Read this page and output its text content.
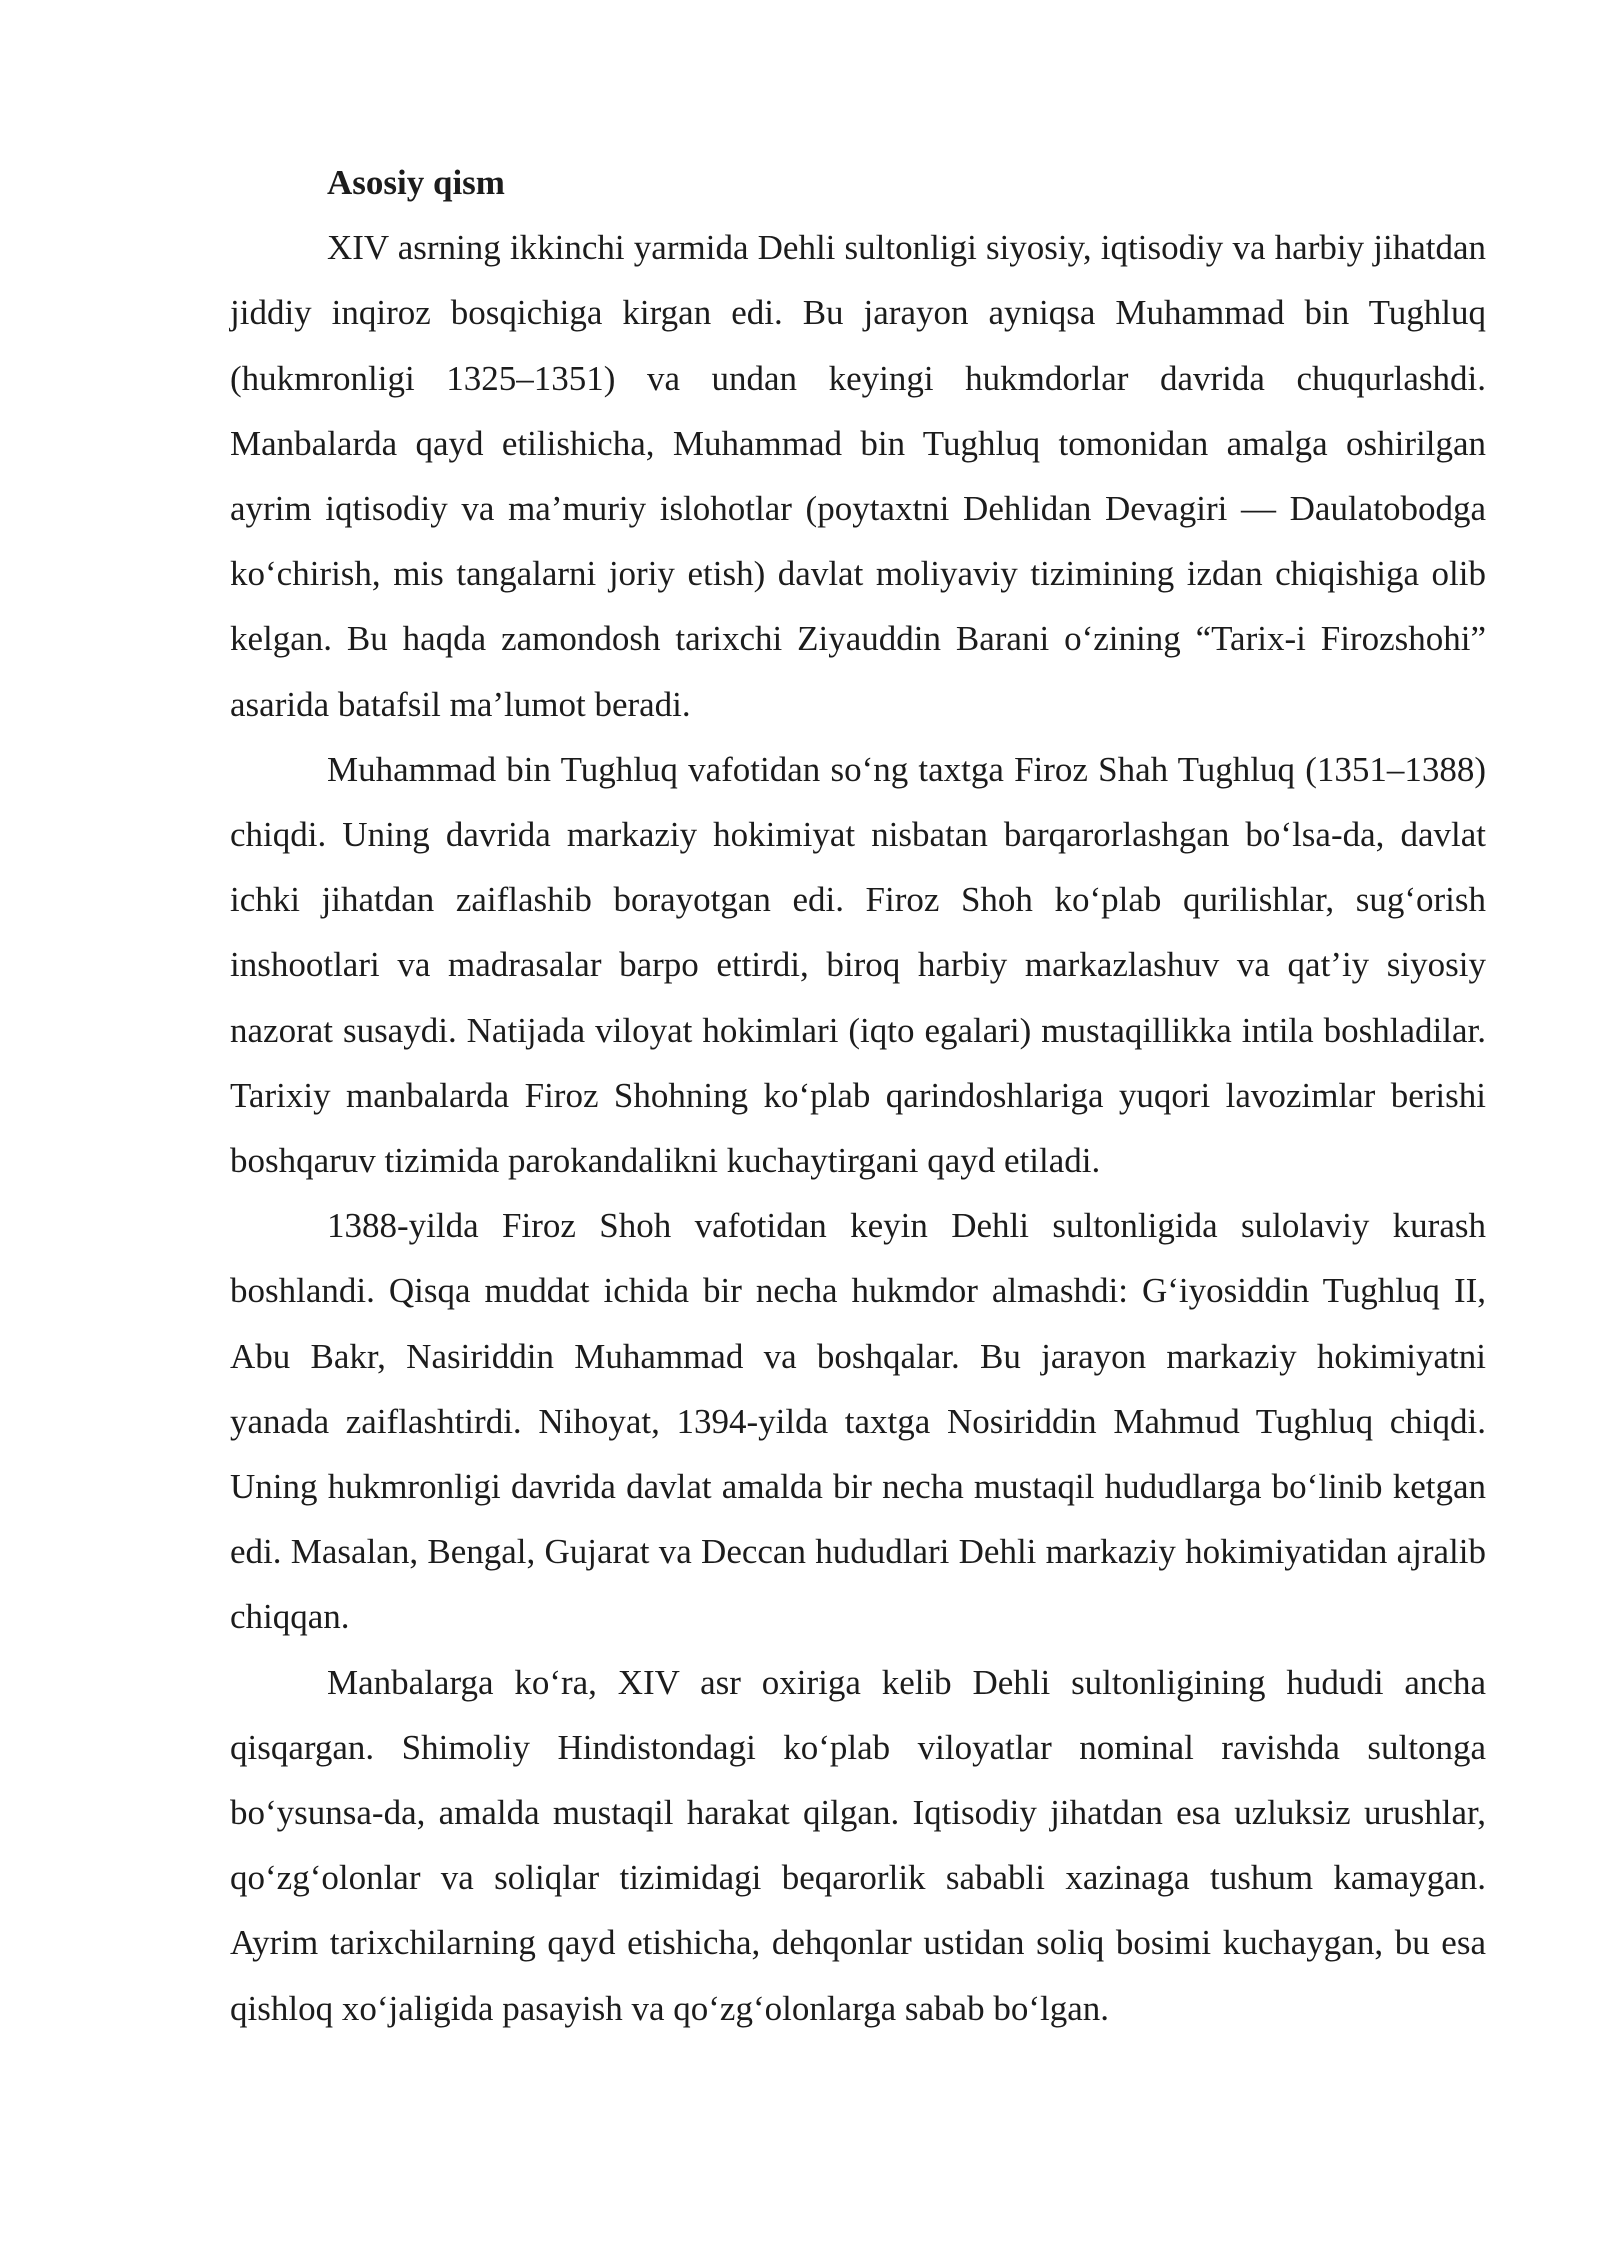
Asosiy qism

XIV asrning ikkinchi yarmida Dehli sultonligi siyosiy, iqtisodiy va harbiy jihatdan jiddiy inqiroz bosqichiga kirgan edi. Bu jarayon ayniqsa Muhammad bin Tughluq (hukmronligi 1325–1351) va undan keyingi hukmdorlar davrida chuqurlashdi. Manbalarda qayd etilishicha, Muhammad bin Tughluq tomonidan amalga oshirilgan ayrim iqtisodiy va ma’muriy islohotlar (poytaxtni Dehlidan Devagiri — Daulatobodga ko‘chirish, mis tangalarni joriy etish) davlat moliyaviy tizimining izdan chiqishiga olib kelgan. Bu haqda zamondosh tarixchi Ziyauddin Barani o‘zining “Tarix-i Firozshohi” asarida batafsil ma’lumot beradi.

Muhammad bin Tughluq vafotidan so‘ng taxtga Firoz Shah Tughluq (1351–1388) chiqdi. Uning davrida markaziy hokimiyat nisbatan barqarorlashgan bo‘lsa-da, davlat ichki jihatdan zaiflashib borayotgan edi. Firoz Shoh ko‘plab qurilishlar, sug‘orish inshootlari va madrasalar barpo ettirdi, biroq harbiy markazlashuv va qat’iy siyosiy nazorat susaydi. Natijada viloyat hokimlari (iqto egalari) mustaqillikka intila boshladilar. Tarixiy manbalarda Firoz Shohning ko‘plab qarindoshlariga yuqori lavozimlar berishi boshqaruv tizimida parokandalikni kuchaytirgani qayd etiladi.

1388-yilda Firoz Shoh vafotidan keyin Dehli sultonligida sulolaviy kurash boshlandi. Qisqa muddat ichida bir necha hukmdor almashdi: G‘iyosiddin Tughluq II, Abu Bakr, Nasiriddin Muhammad va boshqalar. Bu jarayon markaziy hokimiyatni yanada zaiflashtirdi. Nihoyat, 1394-yilda taxtga Nosiriddin Mahmud Tughluq chiqdi. Uning hukmronligi davrida davlat amalda bir necha mustaqil hududlarga bo‘linib ketgan edi. Masalan, Bengal, Gujarat va Deccan hududlari Dehli markaziy hokimiyatidan ajralib chiqqan.

Manbalarga ko‘ra, XIV asr oxiriga kelib Dehli sultonligining hududi ancha qisqargan. Shimoliy Hindistondagi ko‘plab viloyatlar nominal ravishda sultonga bo‘ysunsa-da, amalda mustaqil harakat qilgan. Iqtisodiy jihatdan esa uzluksiz urushlar, qo‘zg‘olonlar va soliqlar tizimidagi beqarorlik sababli xazinaga tushum kamaygan. Ayrim tarixchilarning qayd etishicha, dehqonlar ustidan soliq bosimi kuchaygan, bu esa qishloq xo‘jaligida pasayish va qo‘zg‘olonlarga sabab bo‘lgan.
